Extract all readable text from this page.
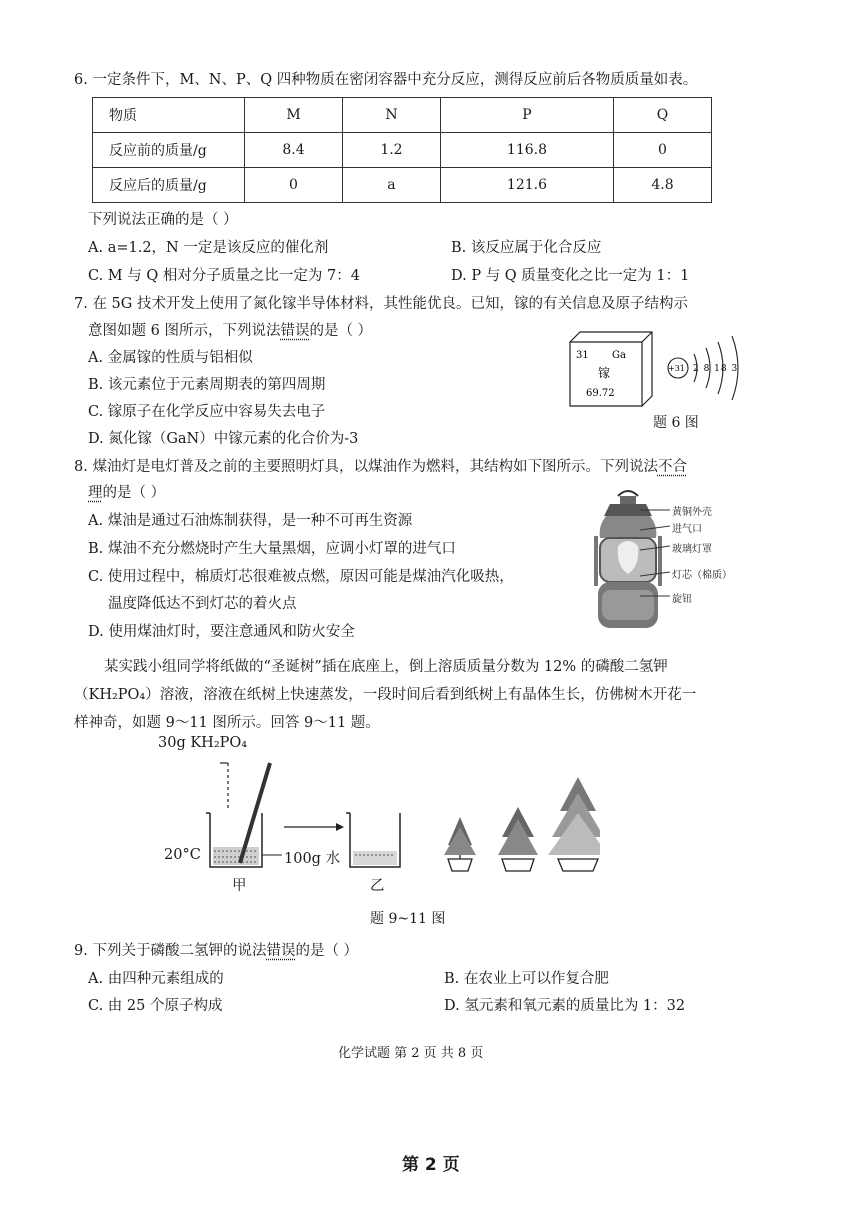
6. 一定条件下，M、N、P、Q 四种物质在密闭容器中充分反应，测得反应前后各物质质量如表。
物质	M	N	P	Q
反应前的质量/g	8.4	1.2	116.8	0
反应后的质量/g	0	a	121.6	4.8
下列说法正确的是（ ）
A. a=1.2，N 一定是该反应的催化剂	B. 该反应属于化合反应
C. M 与 Q 相对分子质量之比一定为 7：4	D. P 与 Q 质量变化之比一定为 1：1
7. 在 5G 技术开发上使用了氮化镓半导体材料，其性能优良。已知，镓的有关信息及原子结构示
意图如题 6 图所示，下列说法错误的是（ ）
A. 金属镓的性质与铝相似
B. 该元素位于元素周期表的第四周期
C. 镓原子在化学反应中容易失去电子
D. 氮化镓（GaN）中镓元素的化合价为-3
31 Ga
镓
69.72
+31 2 8 18 3
题 6 图
8. 煤油灯是电灯普及之前的主要照明灯具，以煤油作为燃料，其结构如下图所示。下列说法不合
理的是（ ）
A. 煤油是通过石油炼制获得，是一种不可再生资源
B. 煤油不充分燃烧时产生大量黑烟，应调小灯罩的进气口
C. 使用过程中，棉质灯芯很难被点燃，原因可能是煤油汽化吸热，
温度降低达不到灯芯的着火点
D. 使用煤油灯时，要注意通风和防火安全
黄铜外壳
进气口
玻璃灯罩
灯芯（棉质）
旋钮
某实践小组同学将纸做的“圣诞树”插在底座上，倒上溶质质量分数为 12% 的磷酸二氢钾
（KH₂PO₄）溶液，溶液在纸树上快速蒸发，一段时间后看到纸树上有晶体生长，仿佛树木开花一
样神奇，如题 9～11 图所示。回答 9～11 题。
30g KH₂PO₄
20°C	100g 水
甲	乙
题 9~11 图
9. 下列关于磷酸二氢钾的说法错误的是（ ）
A. 由四种元素组成的	B. 在农业上可以作复合肥
C. 由 25 个原子构成	D. 氢元素和氧元素的质量比为 1：32
化学试题 第 2 页 共 8 页
第 2 页
